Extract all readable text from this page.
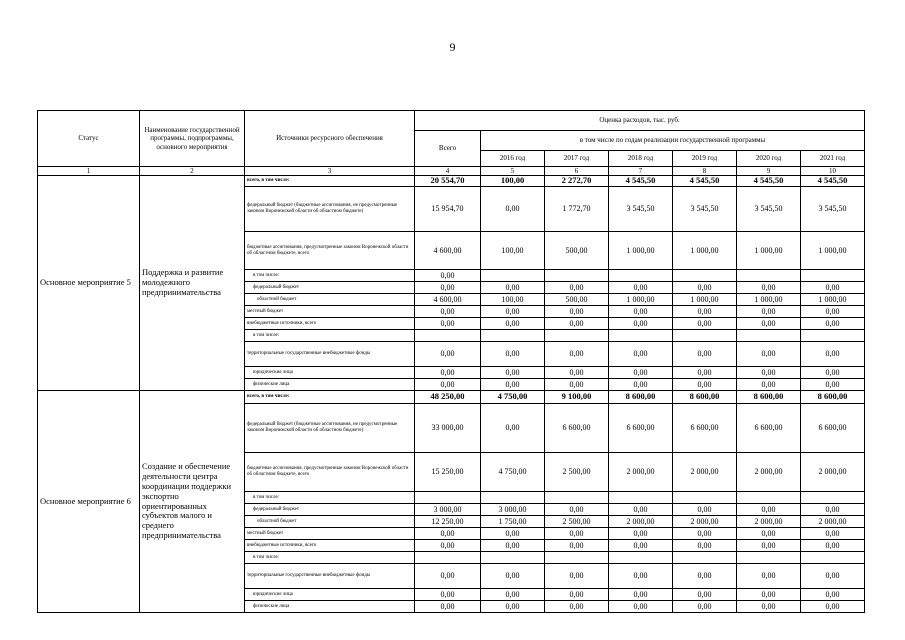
9
Статус	Наименование государственной программы, подпрограммы, основного мероприятия	Источники ресурсного обеспечения	Оценка расходов, тыс. руб.						
			Всего	в том числе по годам реализации государственной программы					
				2016 год	2017 год	2018 год	2019 год	2020 год	2021 год
1	2	3	4	5	6	7	8	9	10
Основное мероприятие 5	Поддержка и развитие молодежного предпринимательства	всего, в том числе:	20 554,70	100,00	2 272,70	4 545,50	4 545,50	4 545,50	4 545,50
		федеральный бюджет (бюджетные ассигнования, не предусмотренные законом Воронежской области об областном бюджете)	15 954,70	0,00	1 772,70	3 545,50	3 545,50	3 545,50	3 545,50
		бюджетные ассигнования, предусмотренные законом Воронежской области об областном бюджете, всего	4 600,00	100,00	500,00	1 000,00	1 000,00	1 000,00	1 000,00
		в том числе:	0,00						
		федеральный бюджет	0,00	0,00	0,00	0,00	0,00	0,00	0,00
		областной бюджет	4 600,00	100,00	500,00	1 000,00	1 000,00	1 000,00	1 000,00
		местный бюджет	0,00	0,00	0,00	0,00	0,00	0,00	0,00
		внебюджетные источники, всего	0,00	0,00	0,00	0,00	0,00	0,00	0,00
		в том числе:							
		территориальные государственные внебюджетные фонды	0,00	0,00	0,00	0,00	0,00	0,00	0,00
		юридические лица	0,00	0,00	0,00	0,00	0,00	0,00	0,00
		физические лица	0,00	0,00	0,00	0,00	0,00	0,00	0,00
Основное мероприятие 6	Создание и обеспечение деятельности центра координации поддержки экспортно ориентированных субъектов малого и среднего предпринимательства	всего, в том числе:	48 250,00	4 750,00	9 100,00	8 600,00	8 600,00	8 600,00	8 600,00
		федеральный бюджет (бюджетные ассигнования, не предусмотренные законом Воронежской области об областном бюджете)	33 000,00	0,00	6 600,00	6 600,00	6 600,00	6 600,00	6 600,00
		бюджетные ассигнования, предусмотренные законом Воронежской области об областном бюджете, всего	15 250,00	4 750,00	2 500,00	2 000,00	2 000,00	2 000,00	2 000,00
		в том числе:							
		федеральный бюджет	3 000,00	3 000,00	0,00	0,00	0,00	0,00	0,00
		областной бюджет	12 250,00	1 750,00	2 500,00	2 000,00	2 000,00	2 000,00	2 000,00
		местный бюджет	0,00	0,00	0,00	0,00	0,00	0,00	0,00
		внебюджетные источники, всего	0,00	0,00	0,00	0,00	0,00	0,00	0,00
		в том числе:							
		территориальные государственные внебюджетные фонды	0,00	0,00	0,00	0,00	0,00	0,00	0,00
		юридические лица	0,00	0,00	0,00	0,00	0,00	0,00	0,00
		физические лица	0,00	0,00	0,00	0,00	0,00	0,00	0,00
